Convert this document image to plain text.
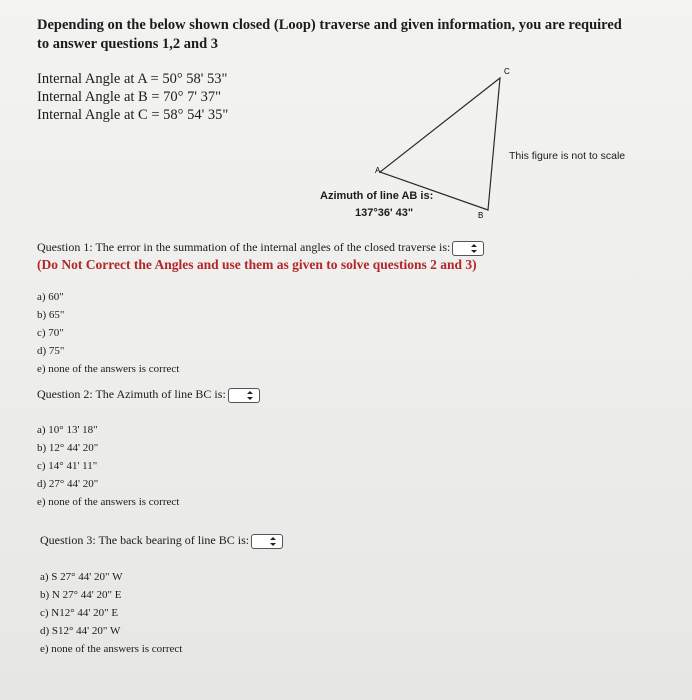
Depending on the below shown closed (Loop) traverse and given information, you are required to answer questions 1,2 and 3
Internal Angle at A = 50° 58' 53"
Internal Angle at B = 70° 7' 37"
Internal Angle at C = 58° 54' 35"
A
C
B
This figure is not to scale
Azimuth of line AB is:
137°36' 43"
Question 1: The error in the summation of the internal angles of the closed traverse is:
(Do Not Correct the Angles and use them as given to solve questions 2 and 3)
a) 60"
b) 65"
c) 70"
d) 75"
e) none of the answers is correct
Question 2: The Azimuth of line BC is:
a) 10° 13' 18"
b) 12° 44' 20"
c) 14° 41' 11"
d) 27° 44' 20"
e) none of the answers is correct
Question 3: The back bearing of line BC is:
a) S 27° 44' 20" W
b) N 27° 44' 20" E
c) N12° 44' 20" E
d) S12° 44' 20" W
e) none of the answers is correct
